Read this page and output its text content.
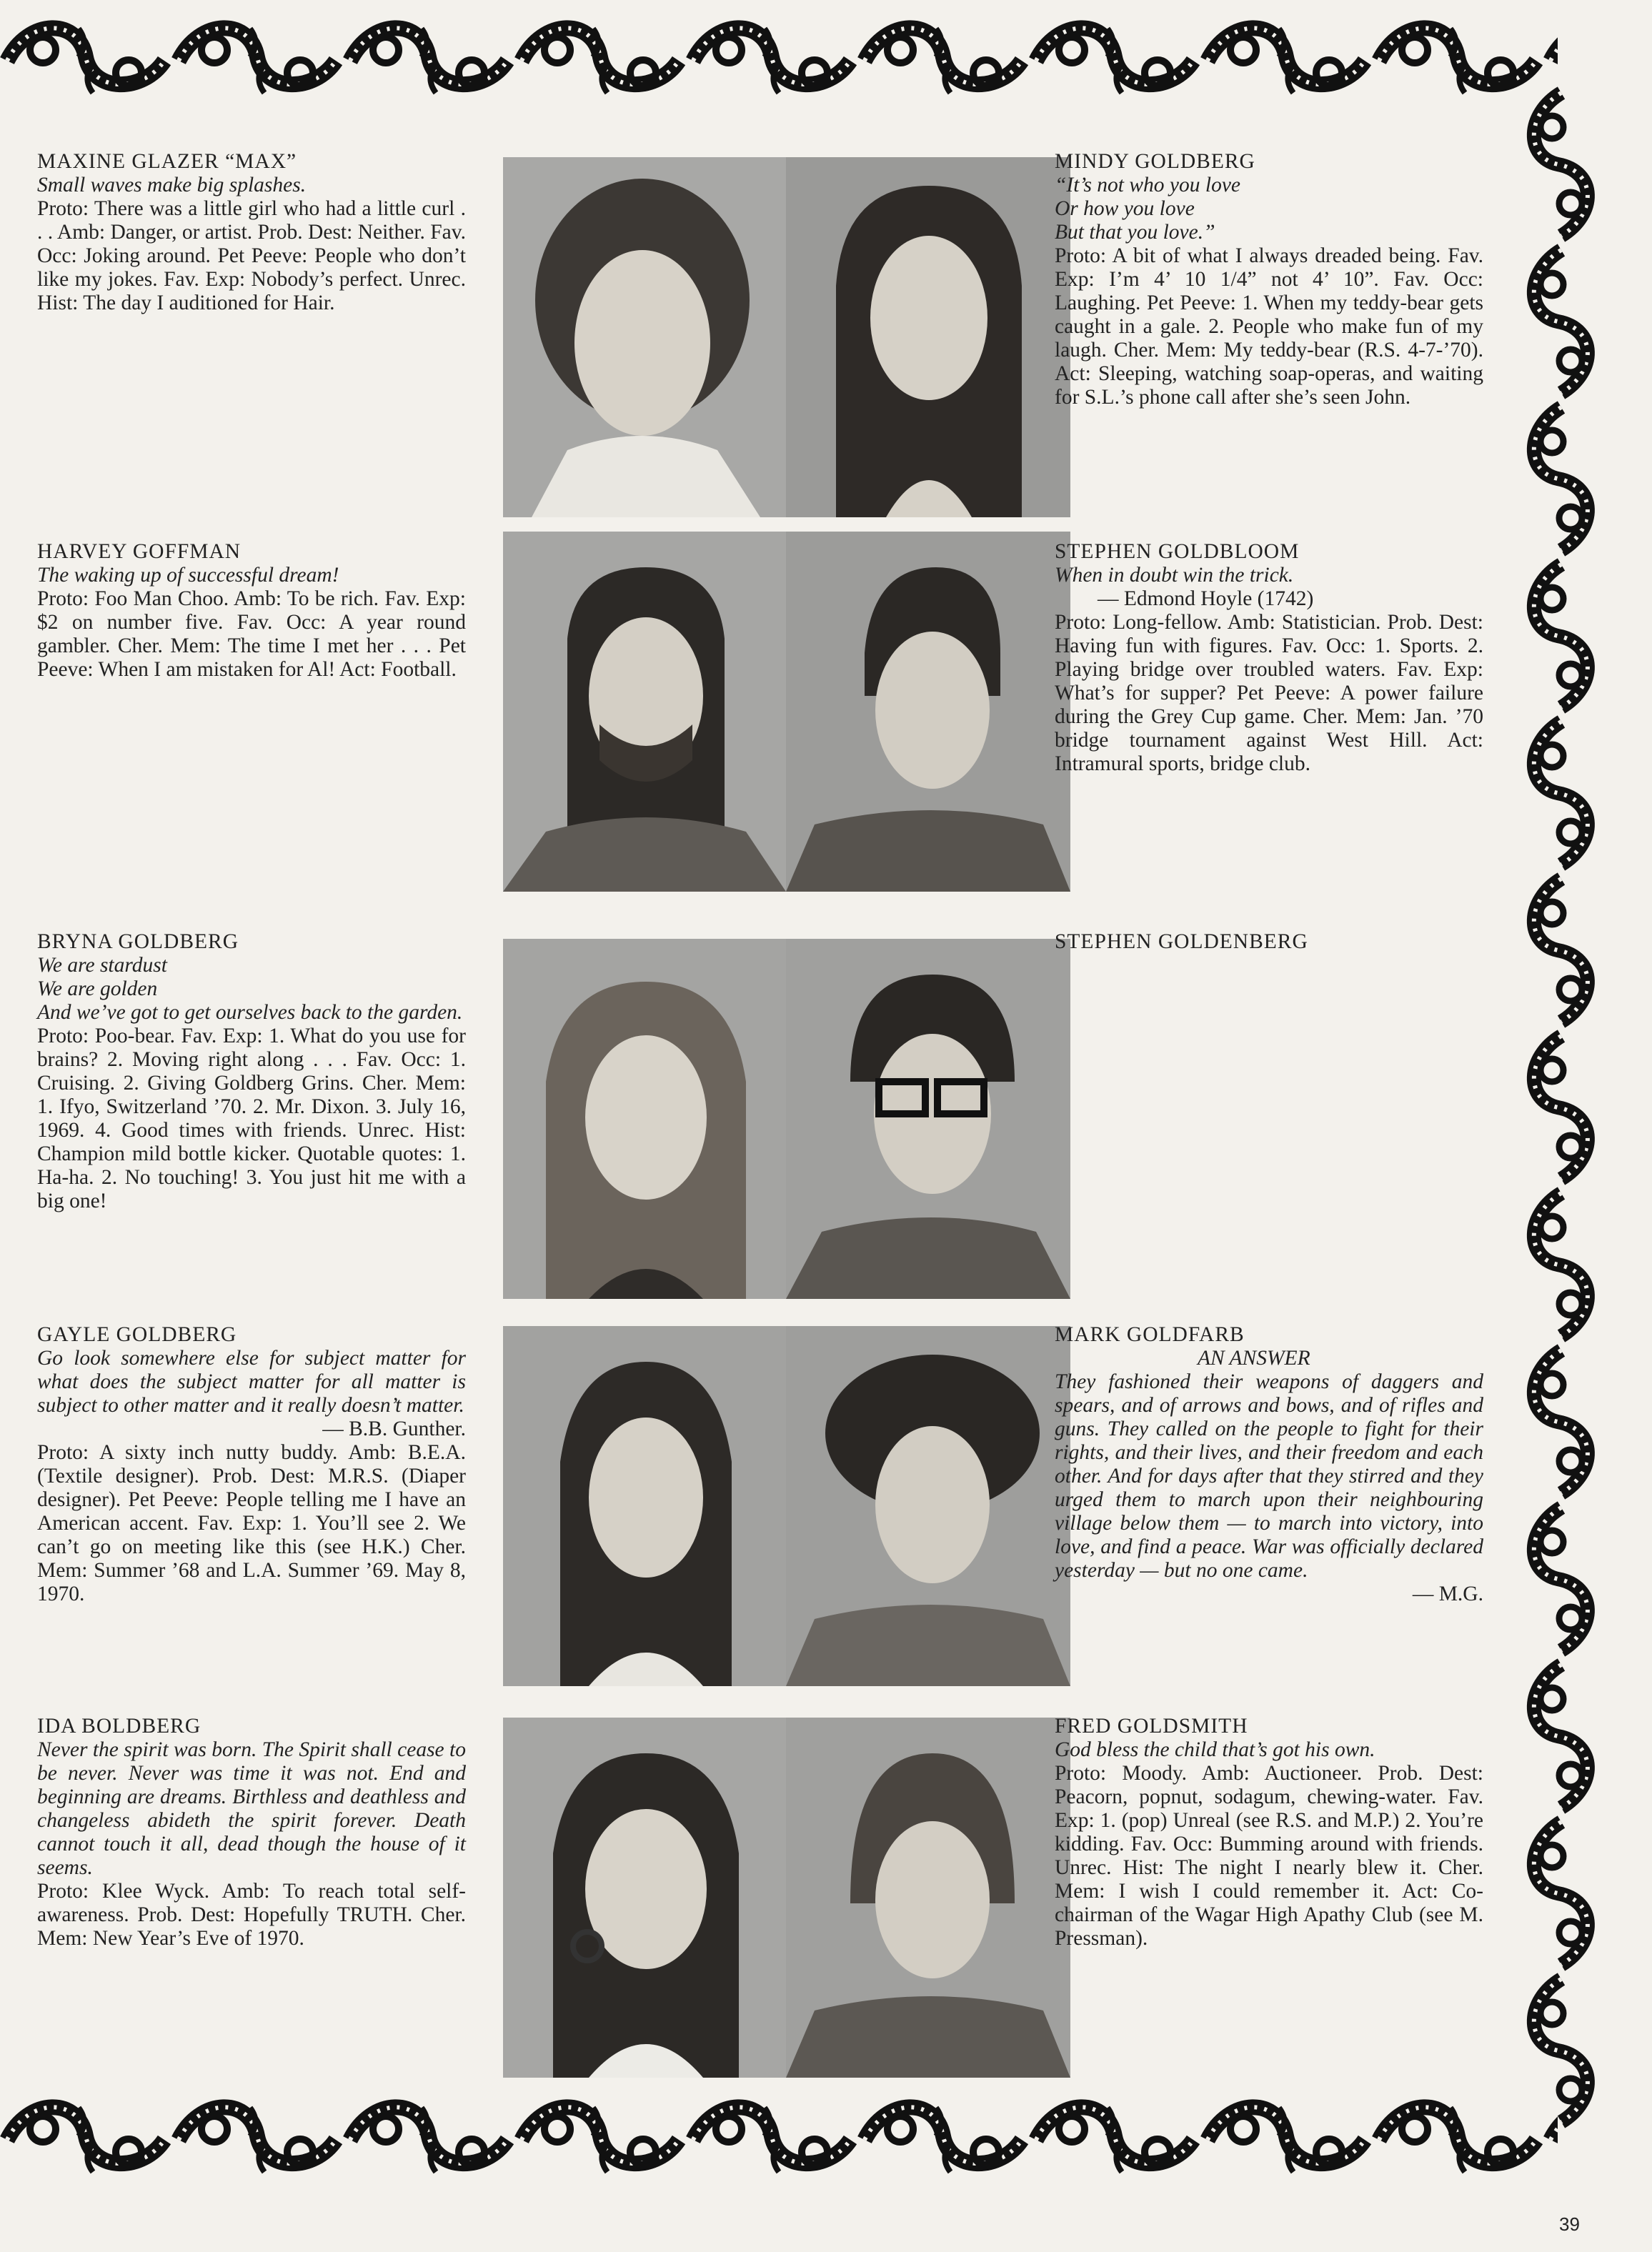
MAXINE GLAZER “MAX”
Small waves make big splashes.
Proto: There was a little girl who had a little curl . . . Amb: Danger, or artist. Prob. Dest: Neither. Fav. Occ: Joking around. Pet Peeve: People who don’t like my jokes. Fav. Exp: Nobody’s perfect. Unrec. Hist: The day I auditioned for Hair.
MINDY GOLDBERG
“It’s not who you love
Or how you love
But that you love.”
Proto: A bit of what I always dreaded being. Fav. Exp: I’m 4’ 10 1/4” not 4’ 10”. Fav. Occ: Laughing. Pet Peeve: 1. When my teddy-bear gets caught in a gale. 2. People who make fun of my laugh. Cher. Mem: My teddy-bear (R.S. 4-7-’70). Act: Sleeping, watching soap-operas, and waiting for S.L.’s phone call after she’s seen John.
HARVEY GOFFMAN
The waking up of successful dream!
Proto: Foo Man Choo. Amb: To be rich. Fav. Exp: $2 on number five. Fav. Occ: A year round gambler. Cher. Mem: The time I met her . . . Pet Peeve: When I am mistaken for Al! Act: Football.
STEPHEN GOLDBLOOM
When in doubt win the trick.
— Edmond Hoyle (1742)
Proto: Long-fellow. Amb: Statistician. Prob. Dest: Having fun with figures. Fav. Occ: 1. Sports. 2. Playing bridge over troubled waters. Fav. Exp: What’s for supper? Pet Peeve: A power failure during the Grey Cup game. Cher. Mem: Jan. ’70 bridge tournament against West Hill. Act: Intramural sports, bridge club.
BRYNA GOLDBERG
We are stardust
We are golden
And we’ve got to get ourselves back to the garden.
Proto: Poo-bear. Fav. Exp: 1. What do you use for brains? 2. Moving right along . . . Fav. Occ: 1. Cruising. 2. Giving Goldberg Grins. Cher. Mem: 1. Ifyo, Switzerland ’70. 2. Mr. Dixon. 3. July 16, 1969. 4. Good times with friends. Unrec. Hist: Champion mild bottle kicker. Quotable quotes: 1. Ha-ha. 2. No touching! 3. You just hit me with a big one!
STEPHEN GOLDENBERG
GAYLE GOLDBERG
Go look somewhere else for subject matter for what does the subject matter for all matter is subject to other matter and it really doesn’t matter.
— B.B. Gunther.
Proto: A sixty inch nutty buddy. Amb: B.E.A. (Textile designer). Prob. Dest: M.R.S. (Diaper designer). Pet Peeve: People telling me I have an American accent. Fav. Exp: 1. You’ll see 2. We can’t go on meeting like this (see H.K.) Cher. Mem: Summer ’68 and L.A. Summer ’69. May 8, 1970.
MARK GOLDFARB
AN ANSWER
They fashioned their weapons of daggers and spears, and of arrows and bows, and of rifles and guns. They called on the people to fight for their rights, and their lives, and their freedom and each other. And for days after that they stirred and they urged them to march upon their neighbouring village below them — to march into victory, into love, and find a peace. War was officially declared yesterday — but no one came.
— M.G.
IDA BOLDBERG
Never the spirit was born. The Spirit shall cease to be never. Never was time it was not. End and beginning are dreams. Birthless and deathless and changeless abideth the spirit forever. Death cannot touch it all, dead though the house of it seems.
Proto: Klee Wyck. Amb: To reach total self-awareness. Prob. Dest: Hopefully TRUTH. Cher. Mem: New Year’s Eve of 1970.
FRED GOLDSMITH
God bless the child that’s got his own.
Proto: Moody. Amb: Auctioneer. Prob. Dest: Peacorn, popnut, sodagum, chewing-water. Fav. Exp: 1. (pop) Unreal (see R.S. and M.P.) 2. You’re kidding. Fav. Occ: Bumming around with friends. Unrec. Hist: The night I nearly blew it. Cher. Mem: I wish I could remember it. Act: Co-chairman of the Wagar High Apathy Club (see M. Pressman).
39
